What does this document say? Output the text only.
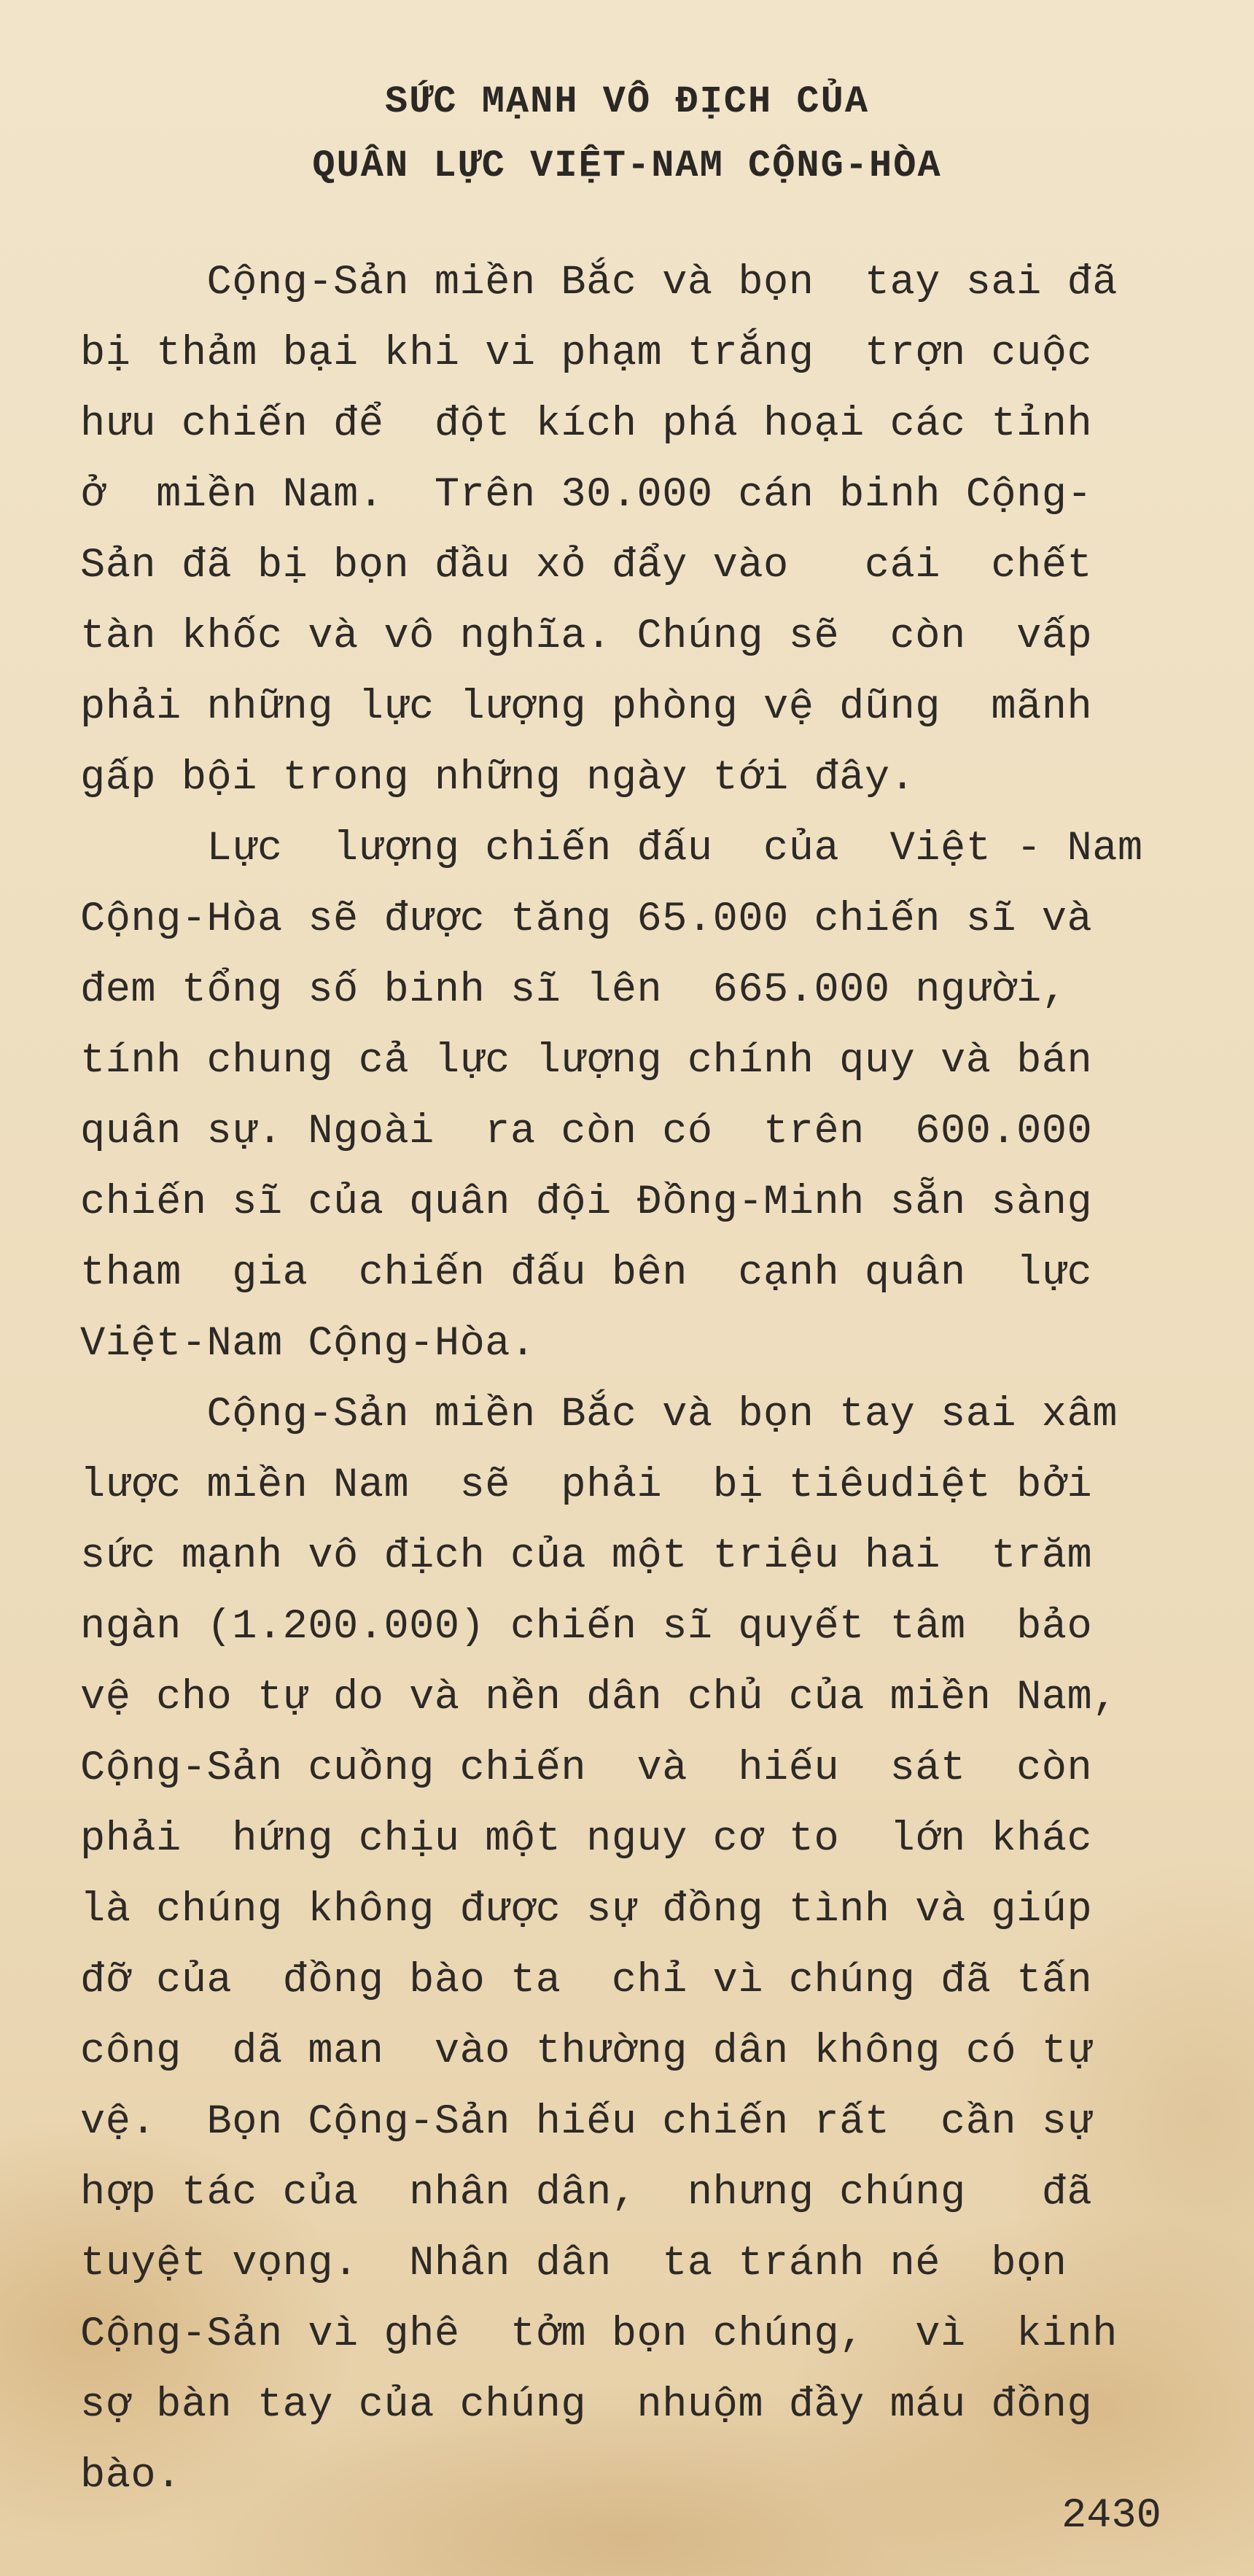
SỨC MẠNH VÔ ĐỊCH CỦA
QUÂN LỰC VIỆT-NAM CỘNG-HÒA
Cộng-Sản miền Bắc và bọn  tay sai đã
bị thảm bại khi vi phạm trắng  trợn cuộc
hưu chiến để  đột kích phá hoại các tỉnh
ở  miền Nam.  Trên 30.000 cán binh Cộng-
Sản đã bị bọn đầu xỏ đẩy vào   cái  chết
tàn khốc và vô nghĩa. Chúng sẽ  còn  vấp
phải những lực lượng phòng vệ dũng  mãnh
gấp bội trong những ngày tới đây.
Lực  lượng chiến đấu  của  Việt - Nam
Cộng-Hòa sẽ được tăng 65.000 chiến sĩ và
đem tổng số binh sĩ lên  665.000 người,
tính chung cả lực lượng chính quy và bán
quân sự. Ngoài  ra còn có  trên  600.000
chiến sĩ của quân đội Đồng-Minh sẵn sàng
tham  gia  chiến đấu bên  cạnh quân  lực
Việt-Nam Cộng-Hòa.
Cộng-Sản miền Bắc và bọn tay sai xâm
lược miền Nam  sẽ  phải  bị tiêudiệt bởi
sức mạnh vô địch của một triệu hai  trăm
ngàn (1.200.000) chiến sĩ quyết tâm  bảo
vệ cho tự do và nền dân chủ của miền Nam,
Cộng-Sản cuồng chiến  và  hiếu  sát  còn
phải  hứng chịu một nguy cơ to  lớn khác
là chúng không được sự đồng tình và giúp
đỡ của  đồng bào ta  chỉ vì chúng đã tấn
công  dã man  vào thường dân không có tự
vệ.  Bọn Cộng-Sản hiếu chiến rất  cần sự
hợp tác của  nhân dân,  nhưng chúng   đã
tuyệt vọng.  Nhân dân  ta tránh né  bọn
Cộng-Sản vì ghê  tởm bọn chúng,  vì  kinh
sợ bàn tay của chúng  nhuộm đầy máu đồng
bào.
2430
